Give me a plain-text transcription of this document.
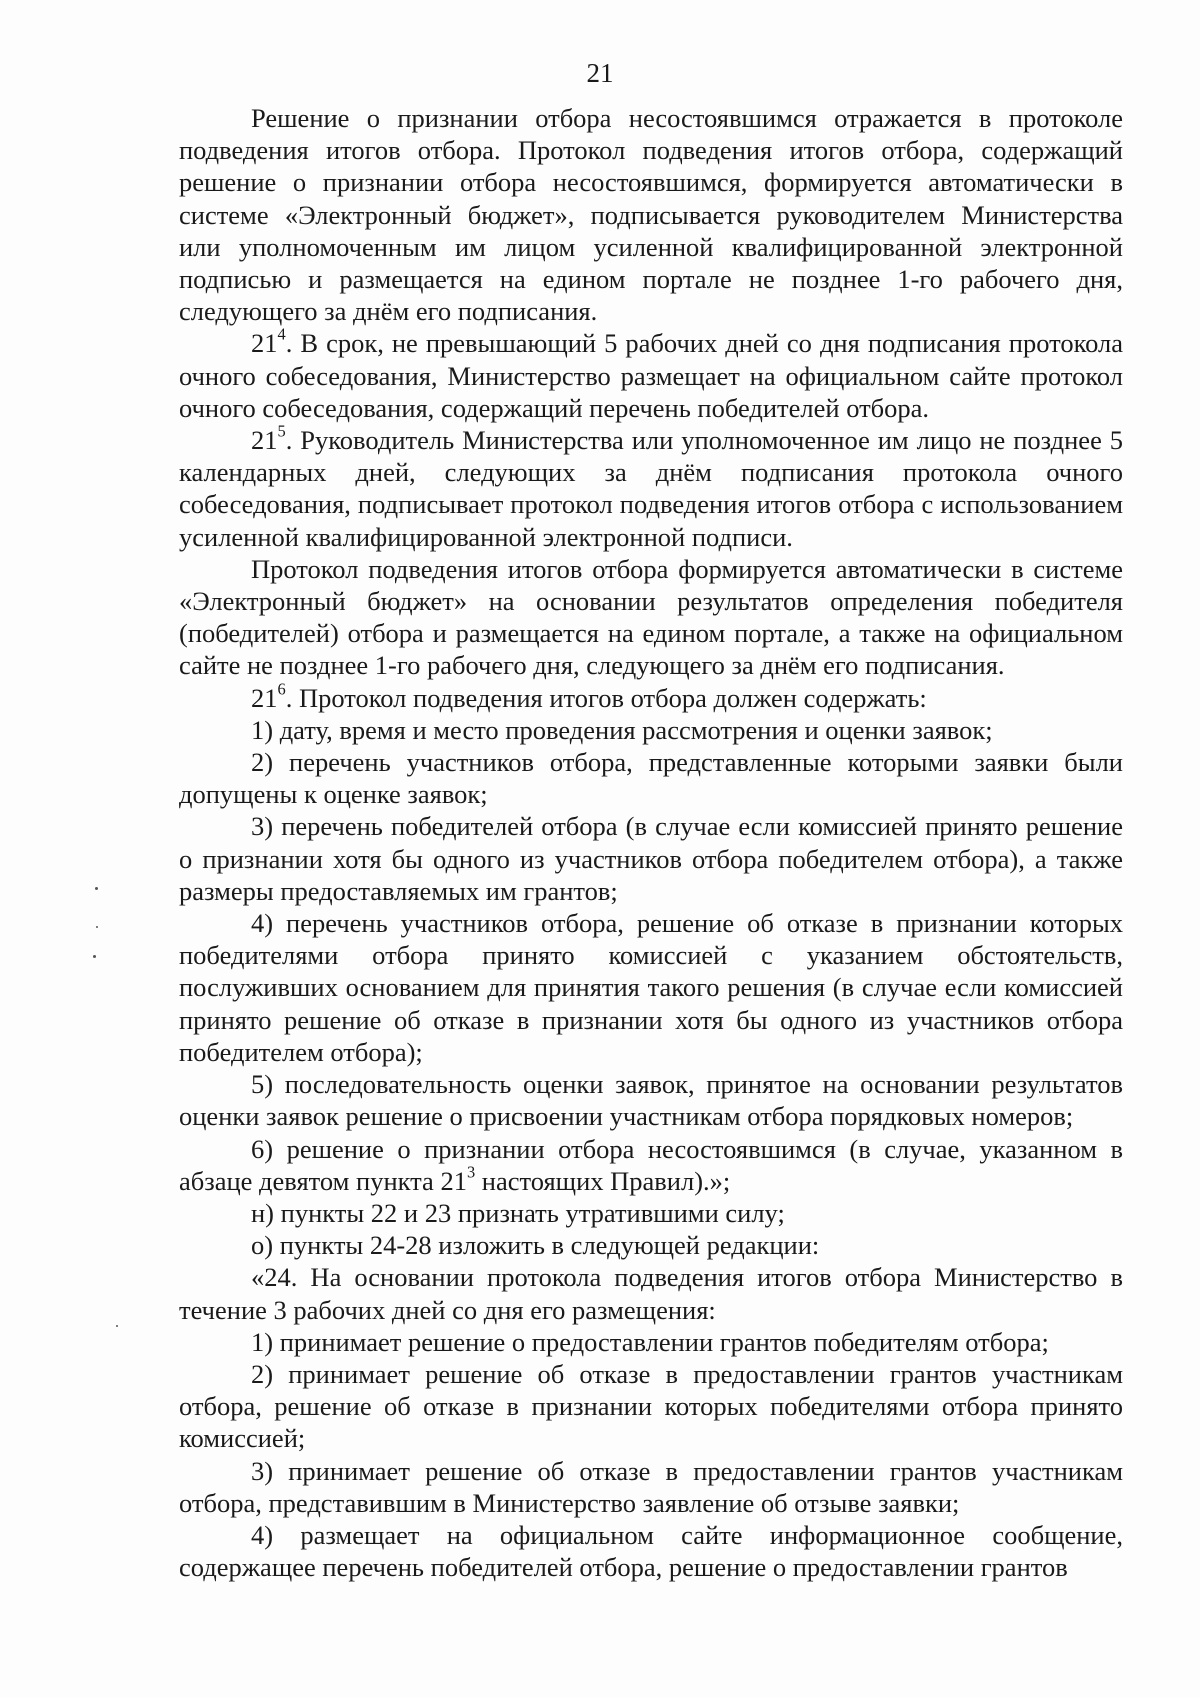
21

Решение о признании отбора несостоявшимся отражается в протоколе подведения итогов отбора. Протокол подведения итогов отбора, содержащий решение о признании отбора несостоявшимся, формируется автоматически в системе «Электронный бюджет», подписывается руководителем Министерства или уполномоченным им лицом усиленной квалифицированной электронной подписью и размещается на едином портале не позднее 1-го рабочего дня, следующего за днём его подписания.

$21^4$. В срок, не превышающий 5 рабочих дней со дня подписания протокола очного собеседования, Министерство размещает на официальном сайте протокол очного собеседования, содержащий перечень победителей отбора.

$21^5$. Руководитель Министерства или уполномоченное им лицо не позднее 5 календарных дней, следующих за днём подписания протокола очного собеседования, подписывает протокол подведения итогов отбора с использованием усиленной квалифицированной электронной подписи.

Протокол подведения итогов отбора формируется автоматически в системе «Электронный бюджет» на основании результатов определения победителя (победителей) отбора и размещается на едином портале, а также на официальном сайте не позднее 1-го рабочего дня, следующего за днём его подписания.

$21^6$. Протокол подведения итогов отбора должен содержать:

1) дату, время и место проведения рассмотрения и оценки заявок;

2) перечень участников отбора, представленные которыми заявки были допущены к оценке заявок;

3) перечень победителей отбора (в случае если комиссией принято решение о признании хотя бы одного из участников отбора победителем отбора), а также размеры предоставляемых им грантов;

4) перечень участников отбора, решение об отказе в признании которых победителями отбора принято комиссией с указанием обстоятельств, послуживших основанием для принятия такого решения (в случае если комиссией принято решение об отказе в признании хотя бы одного из участников отбора победителем отбора);

5) последовательность оценки заявок, принятое на основании результатов оценки заявок решение о присвоении участникам отбора порядковых номеров;

6) решение о признании отбора несостоявшимся (в случае, указанном в абзаце девятом пункта $21^3$ настоящих Правил).»;

н) пункты 22 и 23 признать утратившими силу;

о) пункты 24-28 изложить в следующей редакции:

«24. На основании протокола подведения итогов отбора Министерство в течение 3 рабочих дней со дня его размещения:

1) принимает решение о предоставлении грантов победителям отбора;

2) принимает решение об отказе в предоставлении грантов участникам отбора, решение об отказе в признании которых победителями отбора принято комиссией;

3) принимает решение об отказе в предоставлении грантов участникам отбора, представившим в Министерство заявление об отзыве заявки;

4) размещает на официальном сайте информационное сообщение, содержащее перечень победителей отбора, решение о предоставлении грантов
